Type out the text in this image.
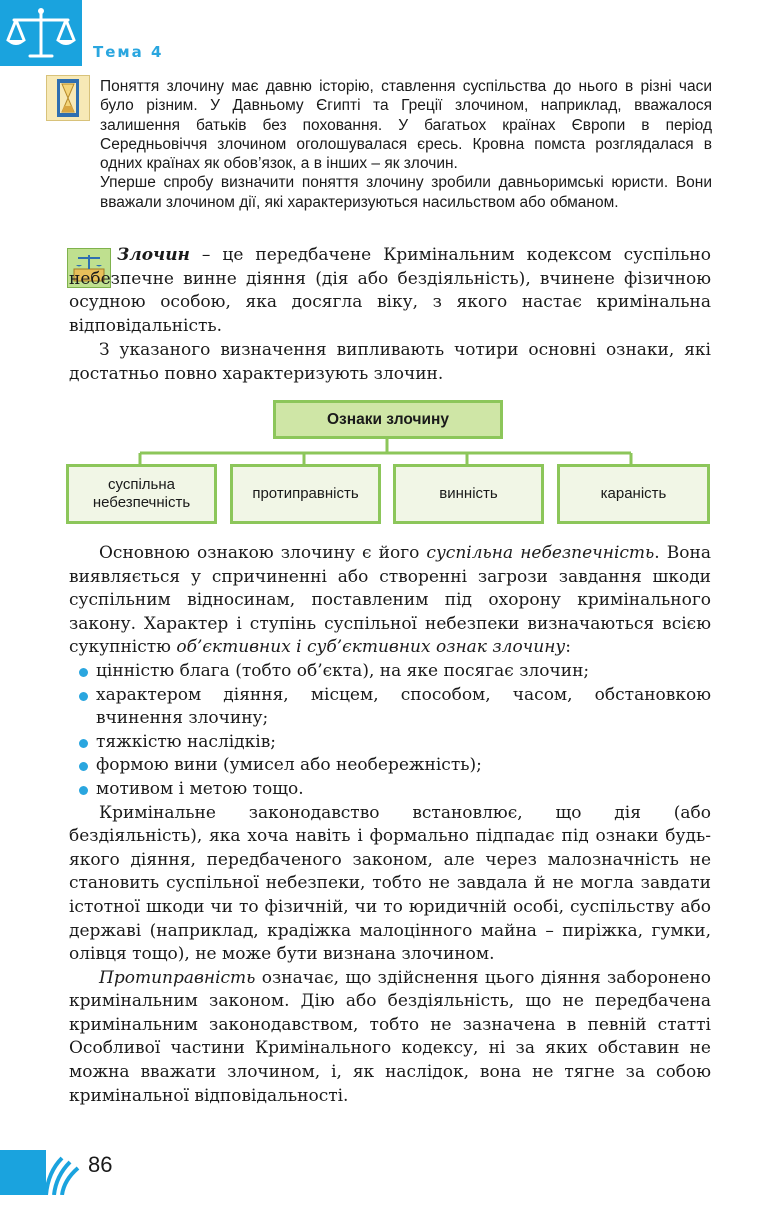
Тема 4

Поняття злочину має давню історію, ставлення суспільства до нього в різні часи було різним. У Давньому Єгипті та Греції злочином, наприклад, вважалося залишення батьків без поховання. У багатьох країнах Європи в період Середньовіччя злочином оголошувалася єресь. Кровна помста розглядалася в одних країнах як обов’язок, а в інших – як злочин.

Уперше спробу визначити поняття злочину зробили давньоримські юристи. Вони вважали злочином дії, які характеризуються насильством або обманом.

Злочин – це передбачене Кримінальним кодексом суспільно небезпечне винне діяння (дія або бездіяльність), вчинене фізичною осудною особою, яка досягла віку, з якого настає кримінальна відповідальність.

З указаного визначення випливають чотири основні ознаки, які достатньо повно характеризують злочин.

Ознаки злочину
суспільна небезпечність
протиправність	винність	караність

Основною ознакою злочину є його суспільна небезпечність. Вона виявляється у спричиненні або створенні загрози завдання шкоди суспільним відносинам, поставленим під охорону кримінального закону. Характер і ступінь суспільної небезпеки визначаються всією сукупністю об’єктивних і суб’єктивних ознак злочину:

цінністю блага (тобто об’єкта), на яке посягає злочин;
характером діяння, місцем, способом, часом, обстановкою вчинення злочину;
тяжкістю наслідків;
формою вини (умисел або необережність);
мотивом і метою тощо.

Кримінальне законодавство встановлює, що дія (або бездіяльність), яка хоча навіть і формально підпадає під ознаки будь-якого діяння, передбаченого законом, але через малозначність не становить суспільної небезпеки, тобто не завдала й не могла завдати істотної шкоди чи то фізичній, чи то юридичній особі, суспільству або державі (наприклад, крадіжка малоцінного майна – пиріжка, гумки, олівця тощо), не може бути визнана злочином.

Протиправність означає, що здійснення цього діяння заборонено кримінальним законом. Дію або бездіяльність, що не передбачена кримінальним законодавством, тобто не зазначена в певній статті Особливої частини Кримінального кодексу, ні за яких обставин не можна вважати злочином, і, як наслідок, вона не тягне за собою кримінальної відповідальності.

86
